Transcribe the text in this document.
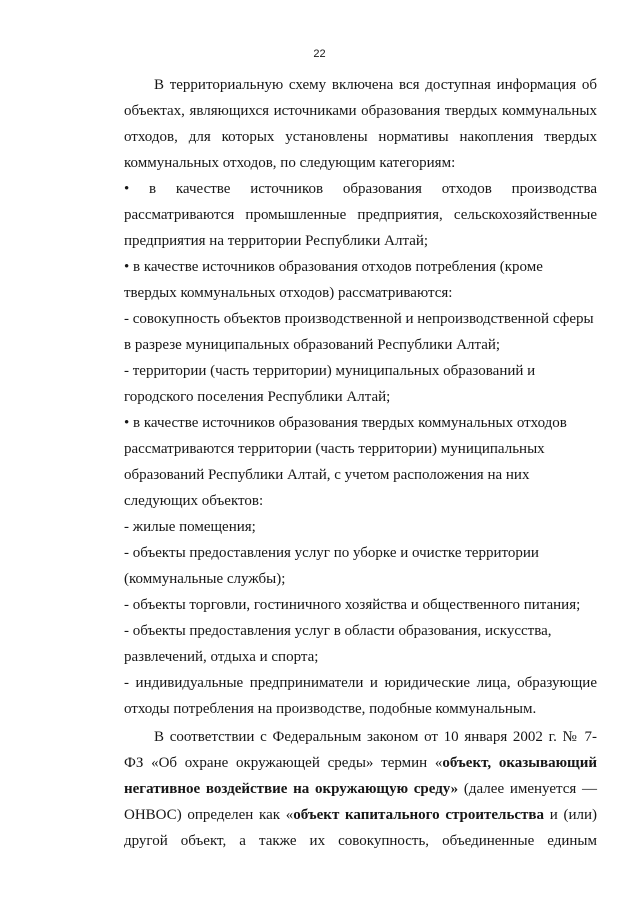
22

В территориальную схему включена вся доступная информация об

объектах, являющихся источниками образования твердых коммунальных

отходов, для которых установлены нормативы накопления твердых

коммунальных отходов, по следующим категориям:

• в качестве источников образования отходов производства

рассматриваются промышленные предприятия, сельскохозяйственные

предприятия на территории Республики Алтай;

• в качестве источников образования отходов потребления (кроме

твердых коммунальных отходов) рассматриваются:

- совокупность объектов производственной и непроизводственной сферы

в разрезе муниципальных образований Республики Алтай;

- территории (часть территории) муниципальных образований и

городского поселения Республики Алтай;

• в качестве источников образования твердых коммунальных отходов

рассматриваются территории (часть территории) муниципальных

образований Республики Алтай, с учетом расположения на них

следующих объектов:

- жилые помещения;

- объекты предоставления услуг по уборке и очистке территории

(коммунальные службы);

- объекты торговли, гостиничного хозяйства и общественного питания;

- объекты предоставления услуг в области образования, искусства,

развлечений, отдыха и спорта;

- индивидуальные предприниматели и юридические лица, образующие

отходы потребления на производстве, подобные коммунальным.

В соответствии с Федеральным законом от 10 января 2002 г. № 7-

ФЗ «Об охране окружающей среды» термин «объект, оказывающий

негативное воздействие на окружающую среду» (далее именуется —

ОНВОС) определен как «объект капитального строительства и (или)

другой объект, а также их совокупность, объединенные единым
